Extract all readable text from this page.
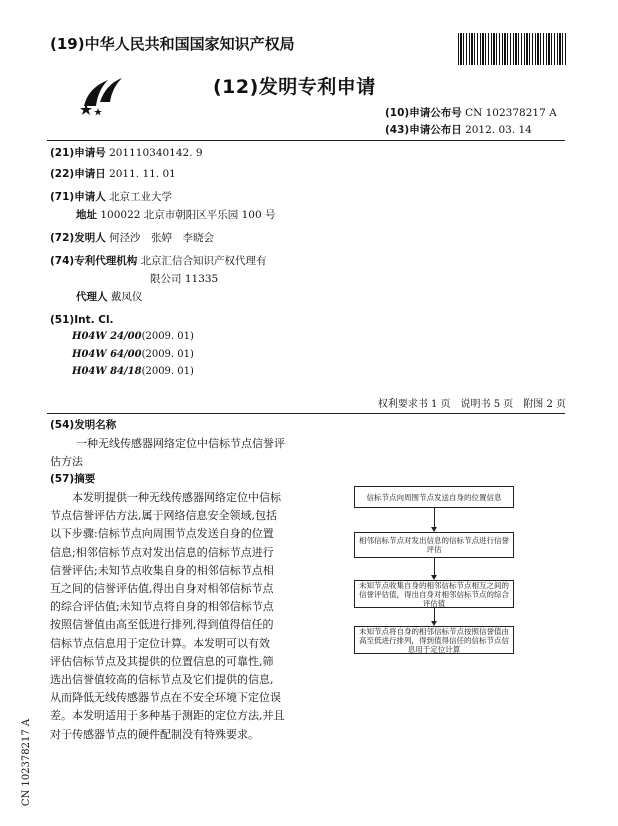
(19)中华人民共和国国家知识产权局
(12)发明专利申请
(10)申请公布号 CN 102378217 A
(43)申请公布日 2012. 03. 14
(21)申请号 201110340142. 9
(22)申请日 2011. 11. 01
(71)申请人 北京工业大学
地址 100022 北京市朝阳区平乐园 100 号
(72)发明人 何泾沙　张婷　李晓会
(74)专利代理机构 北京汇信合知识产权代理有
限公司 11335
代理人 戴凤仪
(51)Int. Cl.
H04W 24/00(2009. 01)
H04W 64/00(2009. 01)
H04W 84/18(2009. 01)
权利要求书 1 页　说明书 5 页　附图 2 页
(54)发明名称
一种无线传感器网络定位中信标节点信誉评
估方法
(57)摘要

本发明提供一种无线传感器网络定位中信标

节点信誉评估方法,属于网络信息安全领域,包括

以下步骤:信标节点向周围节点发送自身的位置

信息;相邻信标节点对发出信息的信标节点进行

信誉评估;未知节点收集自身的相邻信标节点相

互之间的信誉评估值,得出自身对相邻信标节点

的综合评估值;未知节点将自身的相邻信标节点

按照信誉值由高至低进行排列,得到值得信任的

信标节点信息用于定位计算。本发明可以有效

评估信标节点及其提供的位置信息的可靠性,筛

选出信誉值较高的信标节点及它们提供的信息,

从而降低无线传感器节点在不安全环境下定位误

差。本发明适用于多种基于测距的定位方法,并且

对于传感器节点的硬件配制没有特殊要求。

信标节点向周围节点发送自身的位置信息
相邻信标节点对发出信息的信标节点进行信誉评估
未知节点收集自身的相邻信标节点相互之间的信誉评估值，得出自身对相邻信标节点的综合评估值
未知节点将自身的相邻信标节点按照信誉值由高至低进行排列，得到值得信任的信标节点信息用于定位计算
CN 102378217 A
